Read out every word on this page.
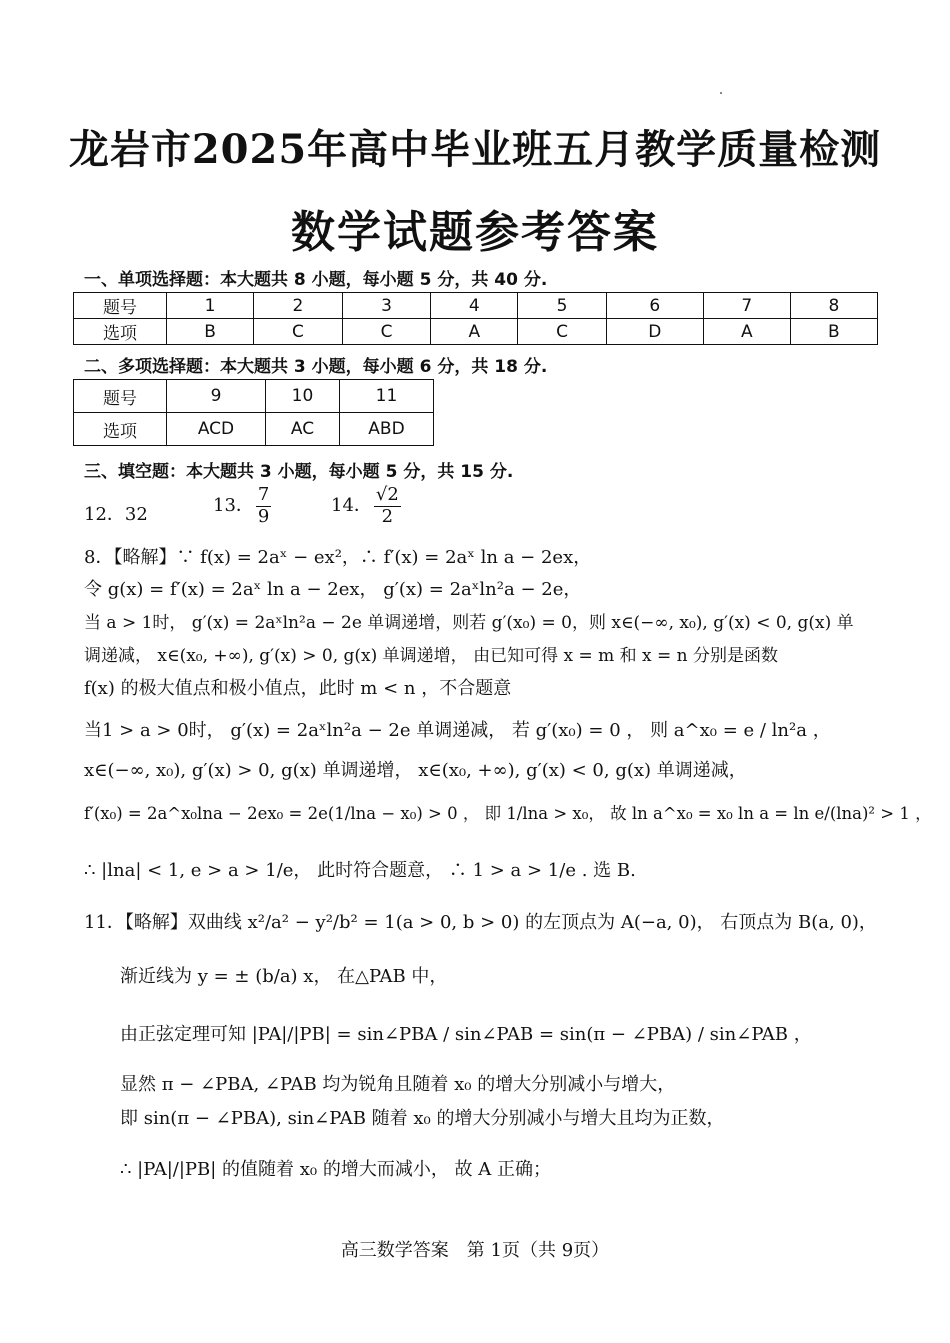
龙岩市2025年高中毕业班五月教学质量检测
数学试题参考答案
一、单项选择题：本大题共 8 小题，每小题 5 分，共 40 分.
题号	1	2	3	4	5	6	7	8
选项	B	C	C	A	C	D	A	B
二、多项选择题：本大题共 3 小题，每小题 6 分，共 18 分.
题号	9	10	11
选项	ACD	AC	ABD
三、填空题：本大题共 3 小题，每小题 5 分，共 15 分.
12．32	13． $\frac{7}{9}$	14． $\frac{√2}{2}$
8．【略解】∵ f(x) = 2aˣ − ex²，∴ f′(x) = 2aˣ ln a − 2ex，
令 g(x) = f′(x) = 2aˣ ln a − 2ex， g′(x) = 2aˣln²a − 2e，
当 a > 1时， g′(x) = 2aˣln²a − 2e 单调递增，则若 g′(x₀) = 0，则 x∈(−∞, x₀), g′(x) < 0, g(x) 单
调递减， x∈(x₀, +∞), g′(x) > 0, g(x) 单调递增， 由已知可得 x = m 和 x = n 分别是函数
f(x) 的极大值点和极小值点，此时 m < n ，不合题意
当1 > a > 0时， g′(x) = 2aˣln²a − 2e 单调递减， 若 g′(x₀) = 0 ， 则 a^x₀ = e / ln²a ，
x∈(−∞, x₀), g′(x) > 0, g(x) 单调递增， x∈(x₀, +∞), g′(x) < 0, g(x) 单调递减，
f′(x₀) = 2a^x₀lna − 2ex₀ = 2e(1/lna − x₀) > 0 ， 即 1/lna > x₀， 故 ln a^x₀ = x₀ ln a = ln e/(lna)² > 1 ，
∴ |lna| < 1, e > a > 1/e， 此时符合题意， ∴ 1 > a > 1/e . 选 B.
11．【略解】双曲线 x²/a² − y²/b² = 1(a > 0, b > 0) 的左顶点为 A(−a, 0)， 右顶点为 B(a, 0)，
渐近线为 y = ± (b/a) x， 在△PAB 中，
由正弦定理可知 |PA|/|PB| = sin∠PBA / sin∠PAB = sin(π − ∠PBA) / sin∠PAB ，
显然 π − ∠PBA, ∠PAB 均为锐角且随着 x₀ 的增大分别减小与增大，
即 sin(π − ∠PBA), sin∠PAB 随着 x₀ 的增大分别减小与增大且均为正数，
∴ |PA|/|PB| 的值随着 x₀ 的增大而减小， 故 A 正确；
高三数学答案　第 1页（共 9页）
